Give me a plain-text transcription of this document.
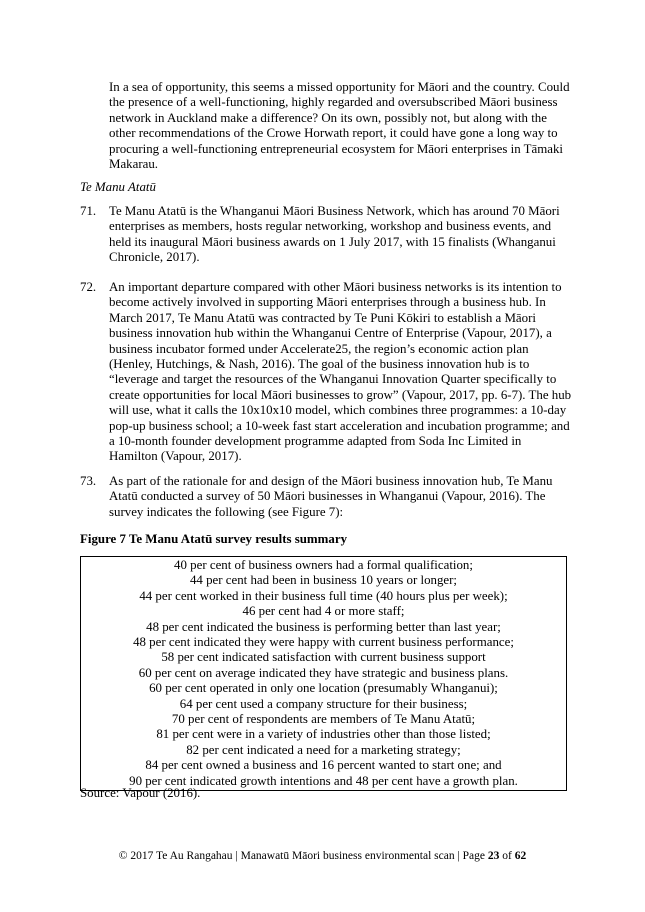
In a sea of opportunity, this seems a missed opportunity for Māori and the country. Could the presence of a well-functioning, highly regarded and oversubscribed Māori business network in Auckland make a difference? On its own, possibly not, but along with the other recommendations of the Crowe Horwath report, it could have gone a long way to procuring a well-functioning entrepreneurial ecosystem for Māori enterprises in Tāmaki Makarau.

Te Manu Atatū

71. Te Manu Atatū is the Whanganui Māori Business Network, which has around 70 Māori enterprises as members, hosts regular networking, workshop and business events, and held its inaugural Māori business awards on 1 July 2017, with 15 finalists (Whanganui Chronicle, 2017).

72. An important departure compared with other Māori business networks is its intention to become actively involved in supporting Māori enterprises through a business hub. In March 2017, Te Manu Atatū was contracted by Te Puni Kōkiri to establish a Māori business innovation hub within the Whanganui Centre of Enterprise (Vapour, 2017), a business incubator formed under Accelerate25, the region’s economic action plan (Henley, Hutchings, & Nash, 2016). The goal of the business innovation hub is to “leverage and target the resources of the Whanganui Innovation Quarter specifically to create opportunities for local Māori businesses to grow” (Vapour, 2017, pp. 6-7). The hub will use, what it calls the 10x10x10 model, which combines three programmes: a 10-day pop-up business school; a 10-week fast start acceleration and incubation programme; and a 10-month founder development programme adapted from Soda Inc Limited in Hamilton (Vapour, 2017).

73. As part of the rationale for and design of the Māori business innovation hub, Te Manu Atatū conducted a survey of 50 Māori businesses in Whanganui (Vapour, 2016). The survey indicates the following (see Figure 7):

Figure 7 Te Manu Atatū survey results summary

40 per cent of business owners had a formal qualification;
44 per cent had been in business 10 years or longer;
44 per cent worked in their business full time (40 hours plus per week);
46 per cent had 4 or more staff;
48 per cent indicated the business is performing better than last year;
48 per cent indicated they were happy with current business performance;
58 per cent indicated satisfaction with current business support
60 per cent on average indicated they have strategic and business plans.
60 per cent operated in only one location (presumably Whanganui);
64 per cent used a company structure for their business;
70 per cent of respondents are members of Te Manu Atatū;
81 per cent were in a variety of industries other than those listed;
82 per cent indicated a need for a marketing strategy;
84 per cent owned a business and 16 percent wanted to start one; and
90 per cent indicated growth intentions and 48 per cent have a growth plan.

Source: Vapour (2016).

© 2017 Te Au Rangahau | Manawatū Māori business environmental scan | Page 23 of 62
